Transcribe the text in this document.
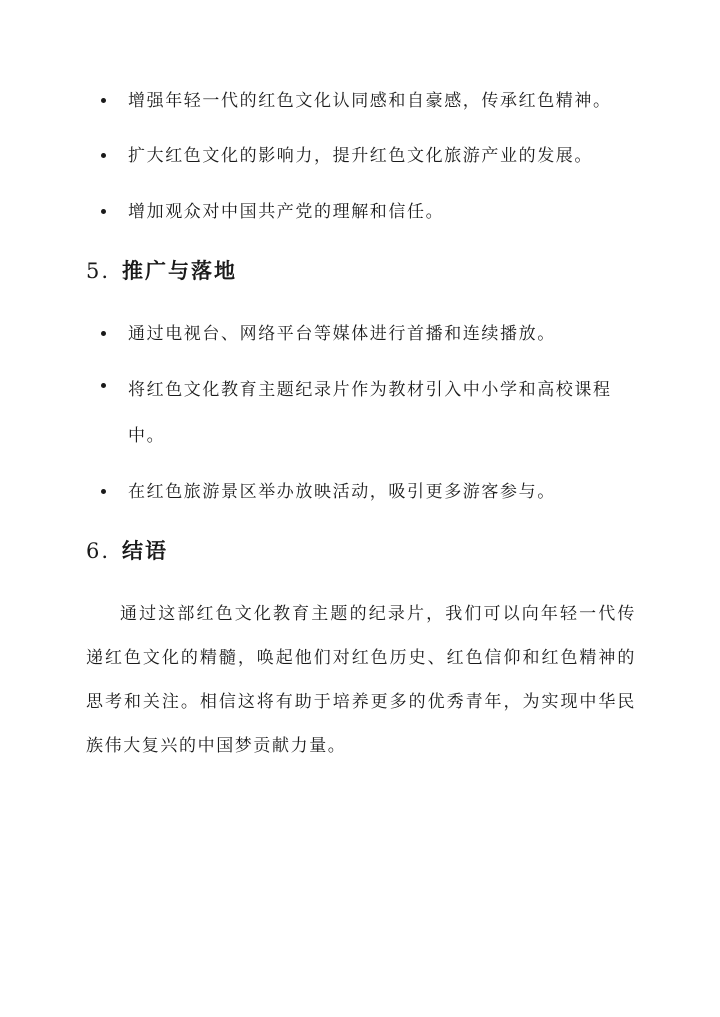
增强年轻一代的红色文化认同感和自豪感，传承红色精神。
扩大红色文化的影响力，提升红色文化旅游产业的发展。
增加观众对中国共产党的理解和信任。
5. 推广与落地
通过电视台、网络平台等媒体进行首播和连续播放。
将红色文化教育主题纪录片作为教材引入中小学和高校课程中。
在红色旅游景区举办放映活动，吸引更多游客参与。
6. 结语
通过这部红色文化教育主题的纪录片，我们可以向年轻一代传递红色文化的精髓，唤起他们对红色历史、红色信仰和红色精神的思考和关注。相信这将有助于培养更多的优秀青年，为实现中华民族伟大复兴的中国梦贡献力量。
